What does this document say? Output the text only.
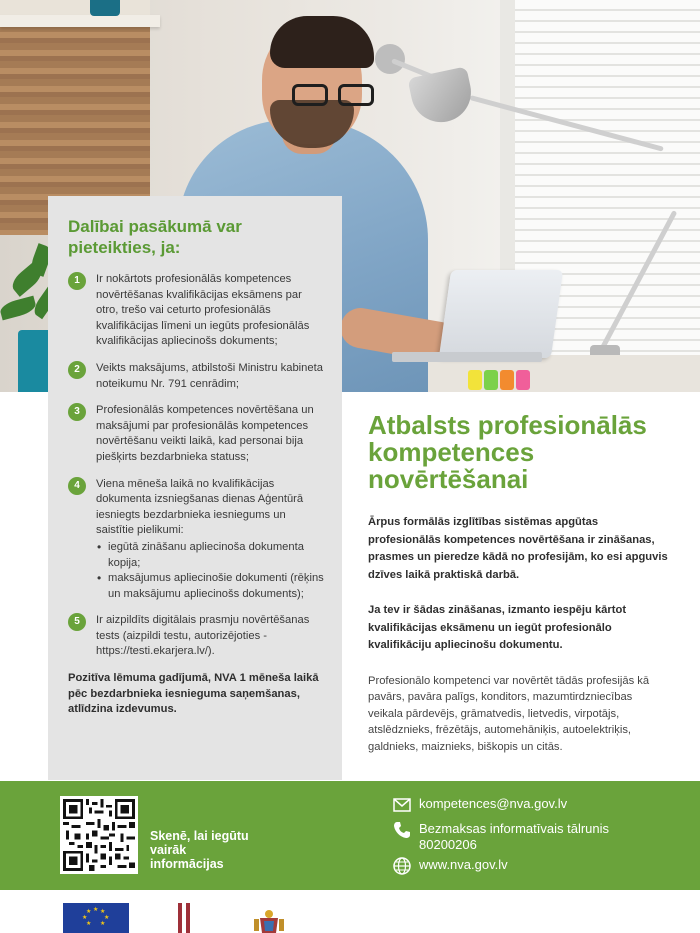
Dalībai pasākumā var pieteikties, ja:
1	Ir nokārtots profesionālās kompetences novērtēšanas kvalifikācijas eksāmens par otro, trešo vai ceturto profesionālās kvalifikācijas līmeni un iegūts profesionālās kvalifikācijas apliecinošs dokuments;
2	Veikts maksājums, atbilstoši Ministru kabineta noteikumu Nr. 791 cenrādim;
3	Profesionālās kompetences novērtēšana un maksājumi par profesionālās kompetences novērtēšanu veikti laikā, kad personai bija piešķirts bezdarbnieka statuss;
4	Viena mēneša laikā no kvalifikācijas dokumenta izsniegšanas dienas Aģentūrā iesniegts bezdarbnieka iesniegums un saistītie pielikumi:
• iegūtā zināšanu apliecinoša dokumenta kopija;
• maksājumus apliecinošie dokumenti (rēķins un maksājumu apliecinošs dokuments);
5	Ir aizpildīts digitālais prasmju novērtēšanas tests (aizpildi testu, autorizējoties - https://testi.ekarjera.lv/).
Pozitīva lēmuma gadījumā, NVA 1 mēneša laikā pēc bezdarbnieka iesnieguma saņemšanas, atlīdzina izdevumus.
Atbalsts profesionālās kompetences novērtēšanai

Ārpus formālās izglītības sistēmas apgūtas profesionālās kompetences novērtēšana ir zināšanas, prasmes un pieredze kādā no profesijām, ko esi apguvis dzīves laikā praktiskā darbā.

Ja tev ir šādas zināšanas, izmanto iespēju kārtot kvalifikācijas eksāmenu un iegūt profesionālo kvalifikāciju apliecinošu dokumentu.

Profesionālo kompetenci var novērtēt tādās profesijās kā pavārs, pavāra palīgs, konditors, mazumtirdzniecības veikala pārdevējs, grāmatvedis, lietvedis, virpotājs, atslēdznieks, frēzētājs, automehāniķis, autoelektriķis, galdnieks, maiznieks, biškopis un citās.

Skenē, lai iegūtu vairāk informācijas
kompetences@nva.gov.lv
Bezmaksas informatīvais tālrunis
80200206
www.nva.gov.lv
★ ★
★
★
★
★
★
